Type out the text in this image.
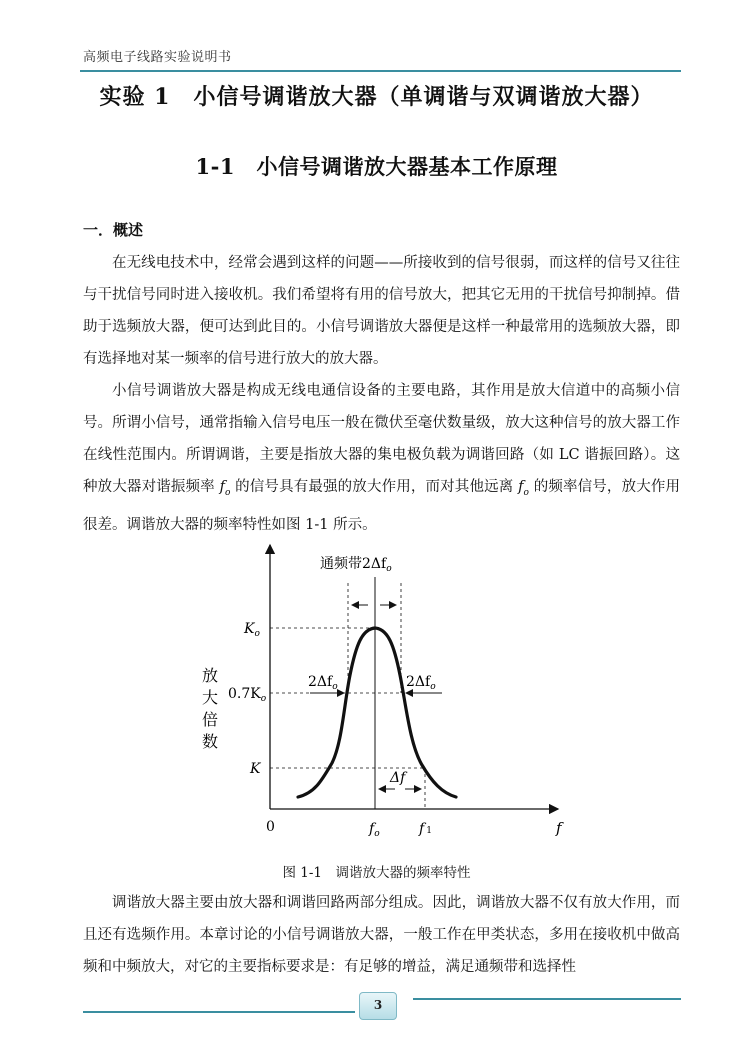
高频电子线路实验说明书
实验 1　小信号调谐放大器（单调谐与双调谐放大器）
1-1　小信号调谐放大器基本工作原理
一．概述

在无线电技术中，经常会遇到这样的问题——所接收到的信号很弱，而这样的信号又往往与干扰信号同时进入接收机。我们希望将有用的信号放大，把其它无用的干扰信号抑制掉。借助于选频放大器，便可达到此目的。小信号调谐放大器便是这样一种最常用的选频放大器，即有选择地对某一频率的信号进行放大的放大器。

小信号调谐放大器是构成无线电通信设备的主要电路，其作用是放大信道中的高频小信号。所谓小信号，通常指输入信号电压一般在微伏至毫伏数量级，放大这种信号的放大器工作在线性范围内。所谓调谐，主要是指放大器的集电极负载为调谐回路（如 LC 谐振回路）。这种放大器对谐振频率 $f_o$ 的信号具有最强的放大作用，而对其他远离 $f_o$ 的频率信号，放大作用很差。调谐放大器的频率特性如图 1-1 所示。

通频带$2\Delta f_o$
$K_o$
$0.7K_o$
K
0	$f_o$	f 1	f
$2\Delta f_o$	$2\Delta f_o$
Δf
放
大
倍
数
图 1-1　调谐放大器的频率特性

调谐放大器主要由放大器和调谐回路两部分组成。因此，调谐放大器不仅有放大作用，而且还有选频作用。本章讨论的小信号调谐放大器，一般工作在甲类状态，多用在接收机中做高频和中频放大，对它的主要指标要求是：有足够的增益，满足通频带和选择性

3
